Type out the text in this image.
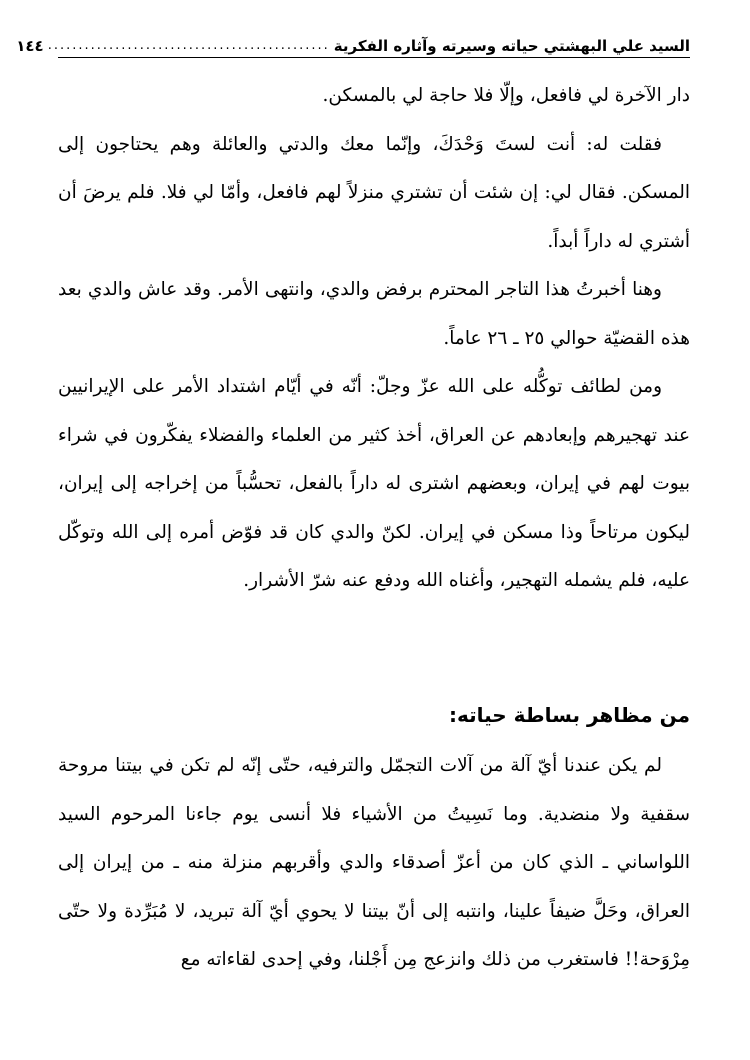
السيد علي البهشتي حياته وسيرته وآثاره الفكرية
..............................................
١٤٤

دار الآخرة لي فافعل، وإلّا فلا حاجة لي بالمسكن.

فقلت له: أنت لستَ وَحْدَكَ، وإنّما معك والدتي والعائلة وهم يحتاجون إلى المسكن. فقال لي: إن شئت أن تشتري منزلاً لهم فافعل، وأمّا لي فلا. فلم يرضَ أن أشتري له داراً أبداً.

وهنا أخبرتُ هذا التاجر المحترم برفض والدي، وانتهى الأمر. وقد عاش والدي بعد هذه القضيّة حوالي ٢٥ ـ ٢٦ عاماً.

ومن لطائف توكُّله على الله عزّ وجلّ: أنّه في أيّام اشتداد الأمر على الإيرانيين عند تهجيرهم وإبعادهم عن العراق، أخذ كثير من العلماء والفضلاء يفكّرون في شراء بيوت لهم في إيران، وبعضهم اشترى له داراً بالفعل، تحسُّباً من إخراجه إلى إيران، ليكون مرتاحاً وذا مسكن في إيران. لكنّ والدي كان قد فوّض أمره إلى الله وتوكّل عليه، فلم يشمله التهجير، وأغناه الله ودفع عنه شرّ الأشرار.

من مظاهر بساطة حياته:

لم يكن عندنا أيّ آلة من آلات التجمّل والترفيه، حتّى إنّه لم تكن في بيتنا مروحة سقفية ولا منضدية. وما نَسِيتُ من الأشياء فلا أنسى يوم جاءنا المرحوم السيد اللواساني ـ الذي كان من أعزّ أصدقاء والدي وأقربهم منزلة منه ـ من إيران إلى العراق، وحَلَّ ضيفاً علينا، وانتبه إلى أنّ بيتنا لا يحوي أيّ آلة تبريد، لا مُبَرِّدة ولا حتّى مِرْوَحة!! فاستغرب من ذلك وانزعج مِن أَجْلنا، وفي إحدى لقاءاته مع
